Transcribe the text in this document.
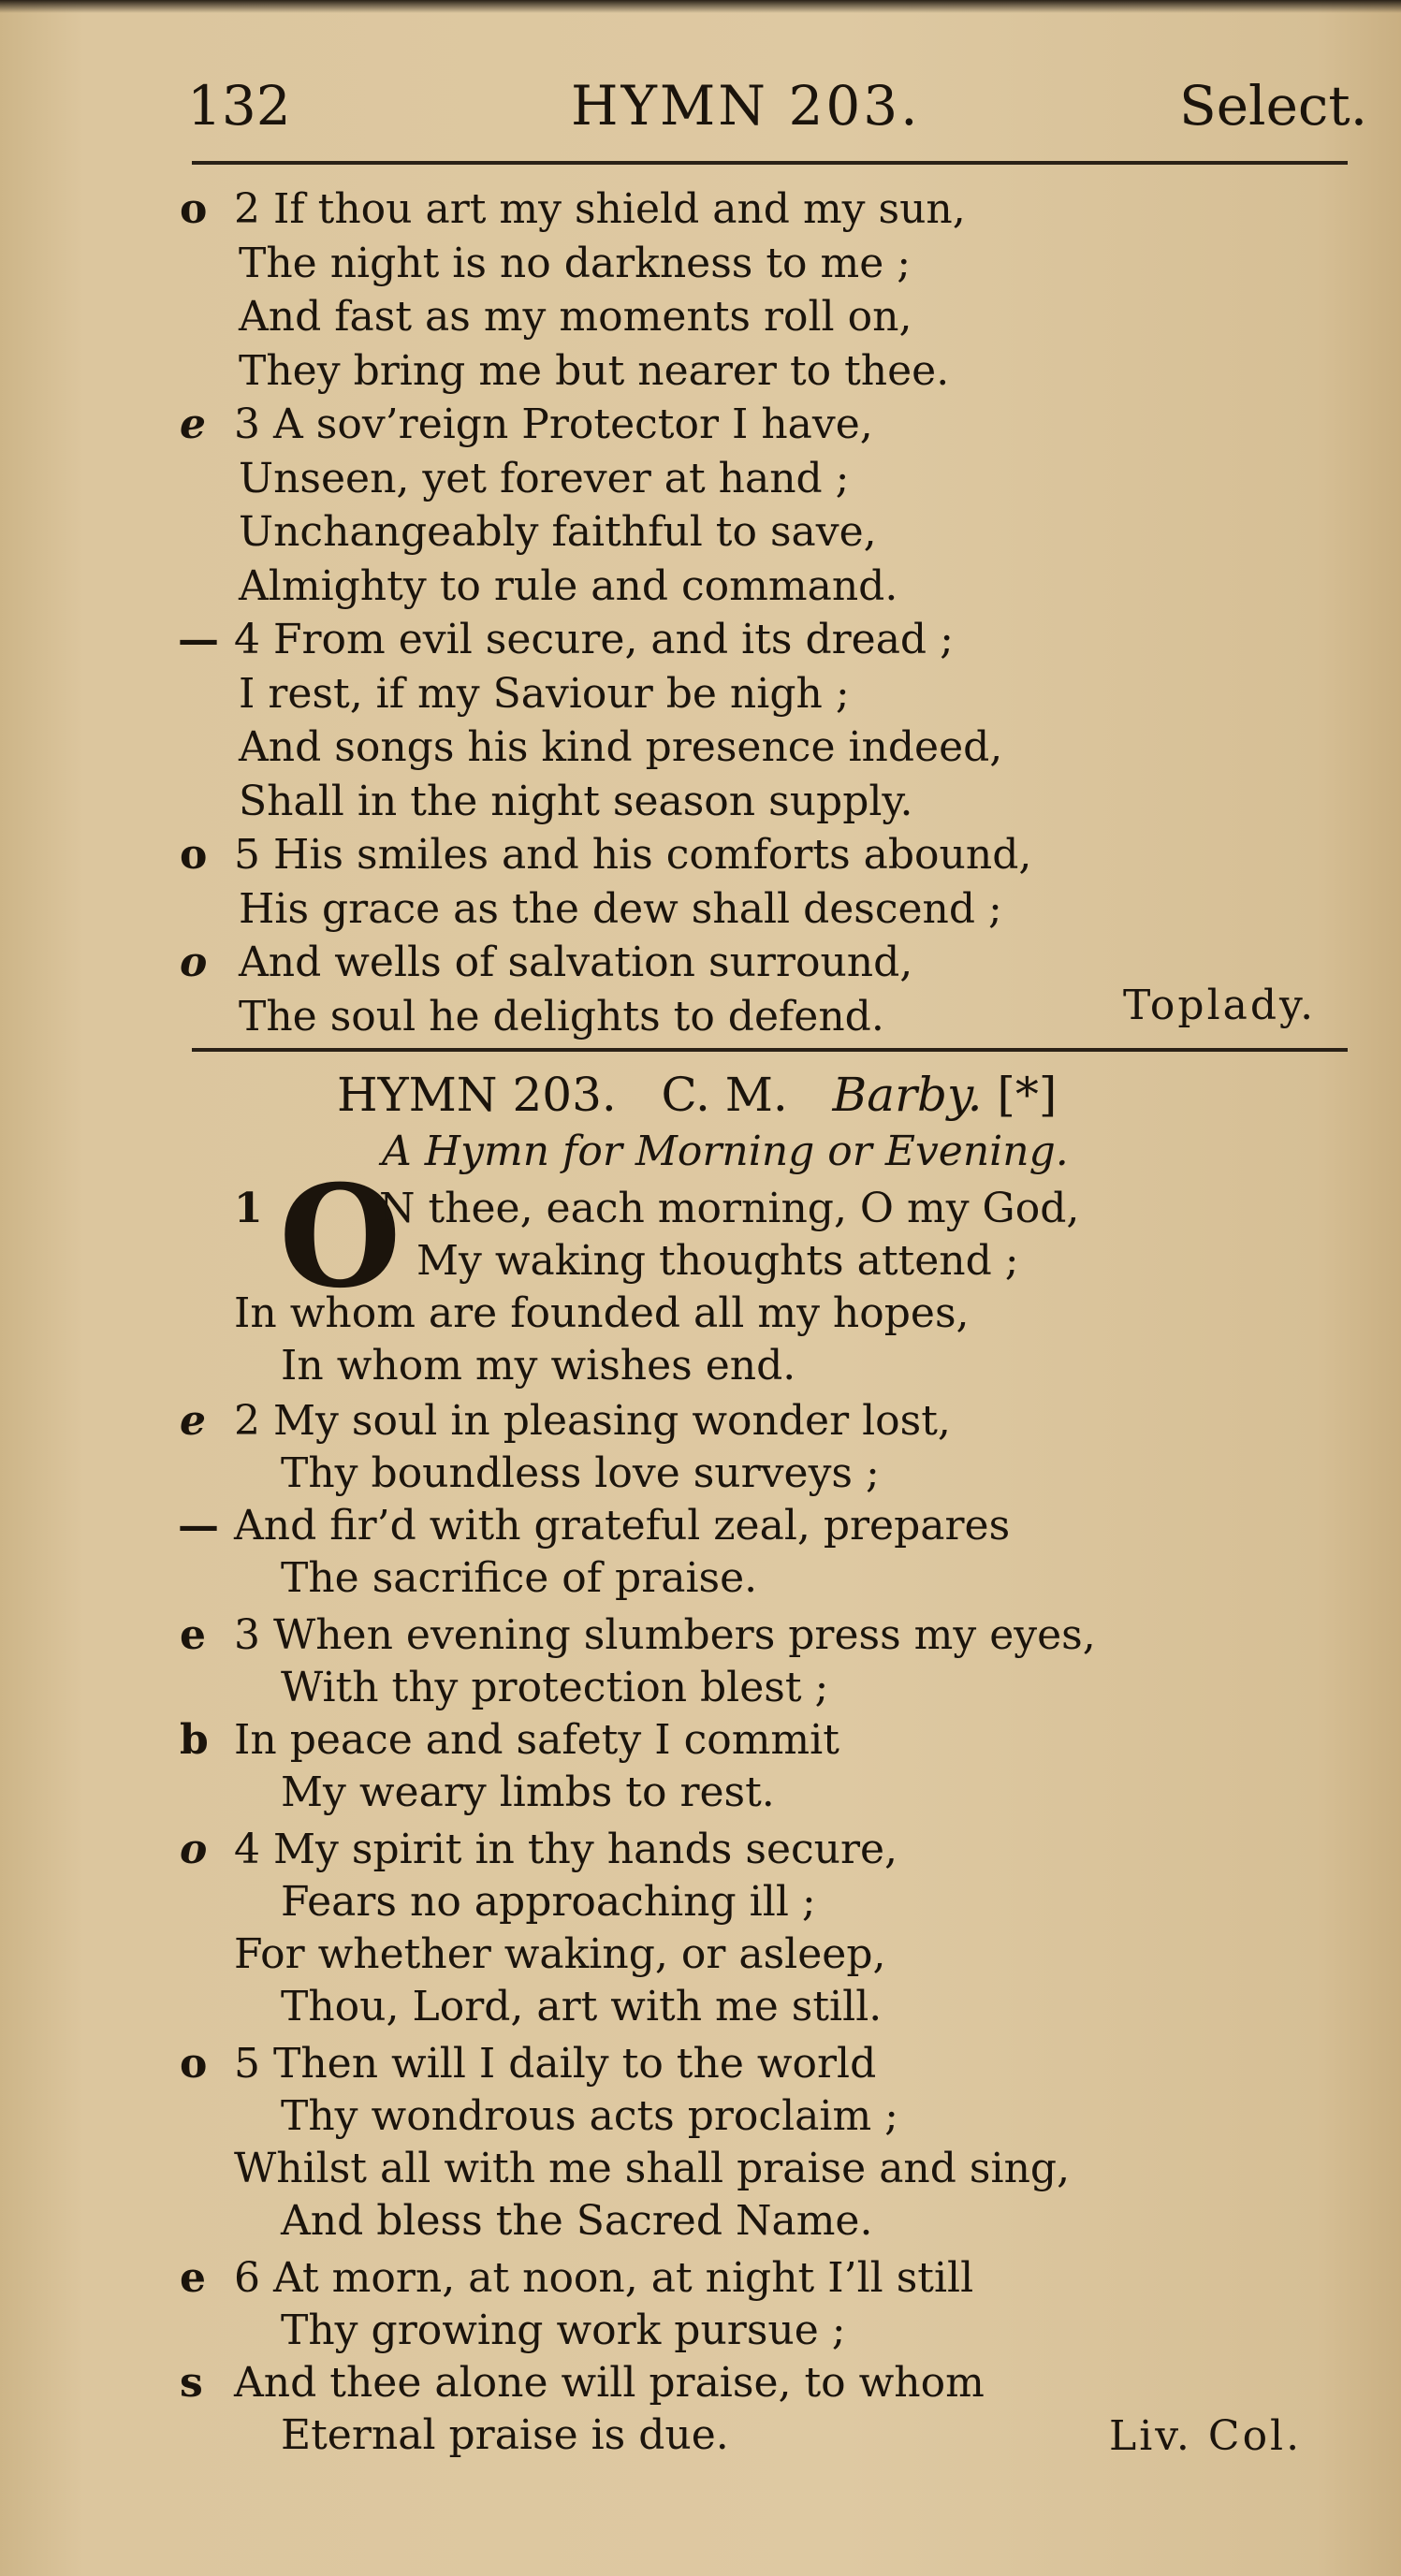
132	HYMN 203.	Select.
o 2 If thou art my shield and my sun,
The night is no darkness to me ;
And fast as my moments roll on,
They bring me but nearer to thee.
e 3 A sov’reign Protector I have,
Unseen, yet forever at hand ;
Unchangeably faithful to save,
Almighty to rule and command.
— 4 From evil secure, and its dread ;
I rest, if my Saviour be nigh ;
And songs his kind presence indeed,
Shall in the night season supply.
o 5 His smiles and his comforts abound,
His grace as the dew shall descend ;
o And wells of salvation surround,
The soul he delights to defend.	Toplady.
HYMN 203. C. M. Barby. [*]
A Hymn for Morning or Evening.
1 O
N thee, each morning, O my God,
My waking thoughts attend ;
In whom are founded all my hopes,
In whom my wishes end.
e 2 My soul in pleasing wonder lost,
Thy boundless love surveys ;
— And fir’d with grateful zeal, prepares
The sacrifice of praise.
e 3 When evening slumbers press my eyes,
With thy protection blest ;
b In peace and safety I commit
My weary limbs to rest.
o 4 My spirit in thy hands secure,
Fears no approaching ill ;
For whether waking, or asleep,
Thou, Lord, art with me still.
o 5 Then will I daily to the world
Thy wondrous acts proclaim ;
Whilst all with me shall praise and sing,
And bless the Sacred Name.
e 6 At morn, at noon, at night I’ll still
Thy growing work pursue ;
s And thee alone will praise, to whom
Eternal praise is due.	Liv. Col.
